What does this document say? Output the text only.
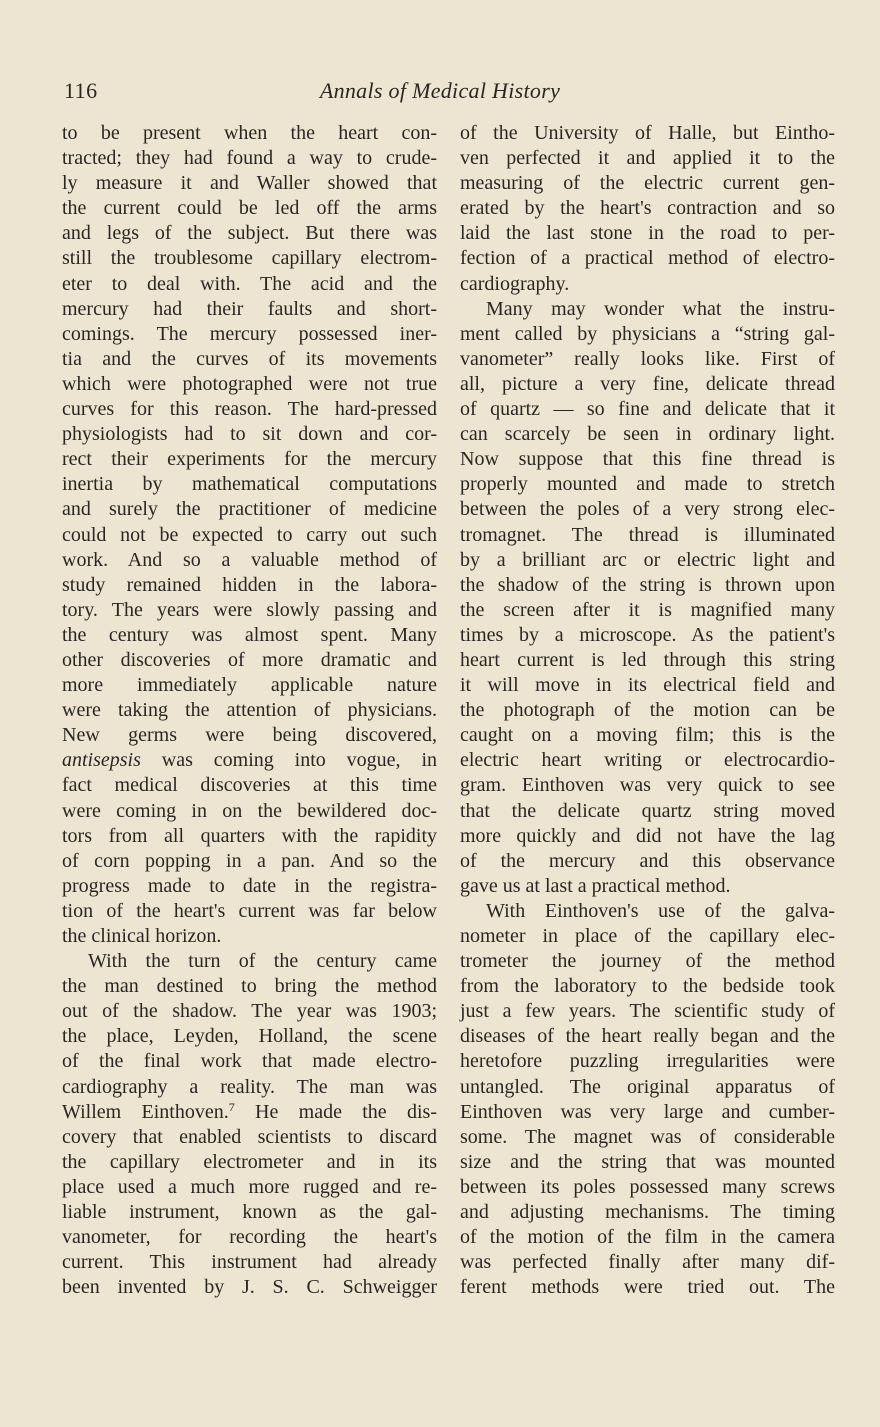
116	Annals of Medical History
to be present when the heart con-
tracted; they had found a way to crude-
ly measure it and Waller showed that
the current could be led off the arms
and legs of the subject. But there was
still the troublesome capillary electrom-
eter to deal with. The acid and the
mercury had their faults and short-
comings. The mercury possessed iner-
tia and the curves of its movements
which were photographed were not true
curves for this reason. The hard-pressed
physiologists had to sit down and cor-
rect their experiments for the mercury
inertia by mathematical computations
and surely the practitioner of medicine
could not be expected to carry out such
work. And so a valuable method of
study remained hidden in the labora-
tory. The years were slowly passing and
the century was almost spent. Many
other discoveries of more dramatic and
more immediately applicable nature
were taking the attention of physicians.
New germs were being discovered,
antisepsis was coming into vogue, in
fact medical discoveries at this time
were coming in on the bewildered doc-
tors from all quarters with the rapidity
of corn popping in a pan. And so the
progress made to date in the registra-
tion of the heart's current was far below
the clinical horizon.
With the turn of the century came
the man destined to bring the method
out of the shadow. The year was 1903;
the place, Leyden, Holland, the scene
of the final work that made electro-
cardiography a reality. The man was
Willem Einthoven.$^7$ He made the dis-
covery that enabled scientists to discard
the capillary electrometer and in its
place used a much more rugged and re-
liable instrument, known as the gal-
vanometer, for recording the heart's
current. This instrument had already
been invented by J. S. C. Schweigger
of the University of Halle, but Eintho-
ven perfected it and applied it to the
measuring of the electric current gen-
erated by the heart's contraction and so
laid the last stone in the road to per-
fection of a practical method of electro-
cardiography.
Many may wonder what the instru-
ment called by physicians a “string gal-
vanometer” really looks like. First of
all, picture a very fine, delicate thread
of quartz — so fine and delicate that it
can scarcely be seen in ordinary light.
Now suppose that this fine thread is
properly mounted and made to stretch
between the poles of a very strong elec-
tromagnet. The thread is illuminated
by a brilliant arc or electric light and
the shadow of the string is thrown upon
the screen after it is magnified many
times by a microscope. As the patient's
heart current is led through this string
it will move in its electrical field and
the photograph of the motion can be
caught on a moving film; this is the
electric heart writing or electrocardio-
gram. Einthoven was very quick to see
that the delicate quartz string moved
more quickly and did not have the lag
of the mercury and this observance
gave us at last a practical method.
With Einthoven's use of the galva-
nometer in place of the capillary elec-
trometer the journey of the method
from the laboratory to the bedside took
just a few years. The scientific study of
diseases of the heart really began and the
heretofore puzzling irregularities were
untangled. The original apparatus of
Einthoven was very large and cumber-
some. The magnet was of considerable
size and the string that was mounted
between its poles possessed many screws
and adjusting mechanisms. The timing
of the motion of the film in the camera
was perfected finally after many dif-
ferent methods were tried out. The
